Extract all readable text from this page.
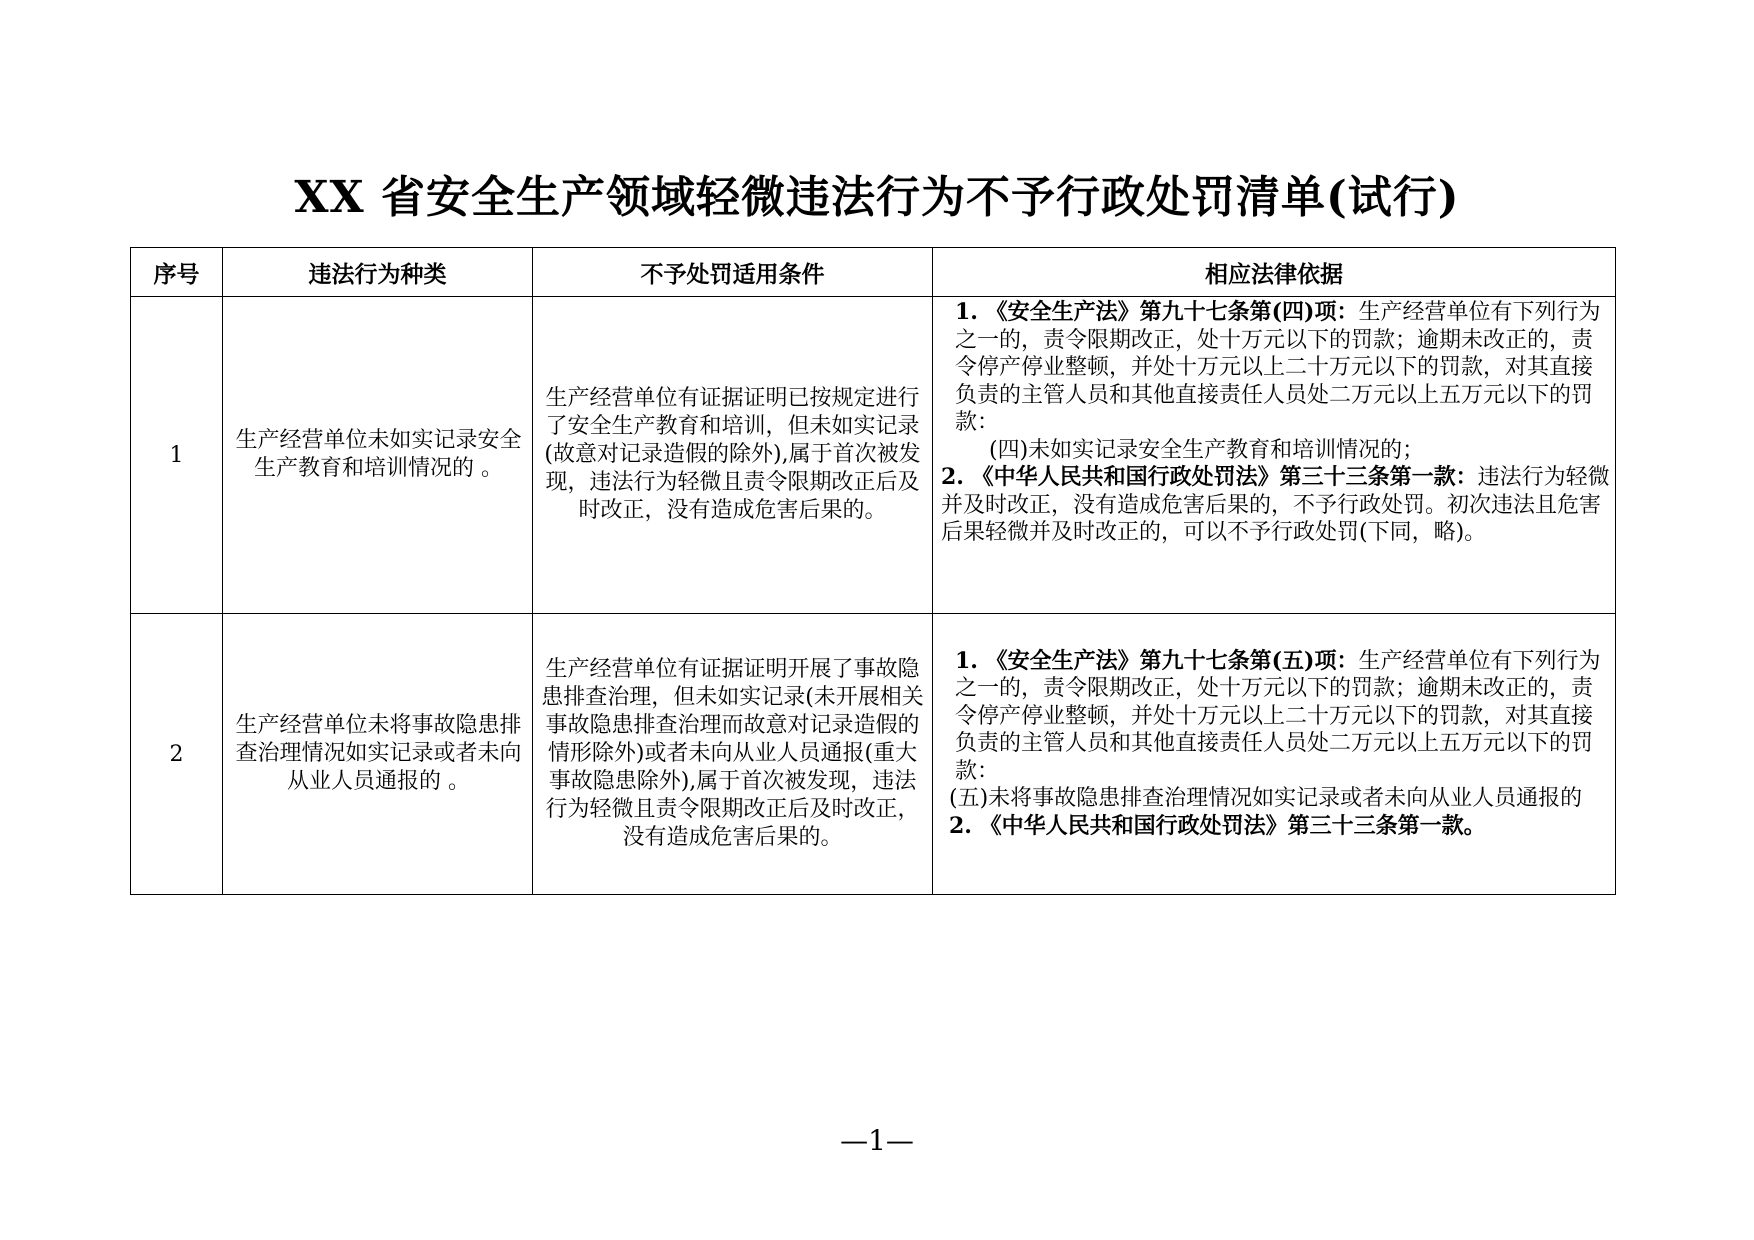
XX 省安全生产领域轻微违法行为不予行政处罚清单(试行)
序号	违法行为种类	不予处罚适用条件	相应法律依据
1	生产经营单位未如实记录安全生产教育和培训情况的 。	生产经营单位有证据证明已按规定进行了安全生产教育和培训，但未如实记录(故意对记录造假的除外),属于首次被发现，违法行为轻微且责令限期改正后及时改正，没有造成危害后果的。	1. 《安全生产法》第九十七条第(四)项：生产经营单位有下列行为之一的，责令限期改正，处十万元以下的罚款；逾期未改正的，责令停产停业整顿，并处十万元以上二十万元以下的罚款，对其直接负责的主管人员和其他直接责任人员处二万元以上五万元以下的罚款：

(四)未如实记录安全生产教育和培训情况的；

2. 《中华人民共和国行政处罚法》第三十三条第一款：违法行为轻微并及时改正，没有造成危害后果的，不予行政处罚。初次违法且危害后果轻微并及时改正的，可以不予行政处罚(下同，略)。

2	生产经营单位未将事故隐患排查治理情况如实记录或者未向从业人员通报的 。	生产经营单位有证据证明开展了事故隐患排查治理，但未如实记录(未开展相关事故隐患排查治理而故意对记录造假的情形除外)或者未向从业人员通报(重大事故隐患除外),属于首次被发现，违法行为轻微且责令限期改正后及时改正，没有造成危害后果的。	1. 《安全生产法》第九十七条第(五)项：生产经营单位有下列行为之一的，责令限期改正，处十万元以下的罚款；逾期未改正的，责令停产停业整顿，并处十万元以上二十万元以下的罚款，对其直接负责的主管人员和其他直接责任人员处二万元以上五万元以下的罚款：

(五)未将事故隐患排查治理情况如实记录或者未向从业人员通报的

2. 《中华人民共和国行政处罚法》第三十三条第一款。

—1—
